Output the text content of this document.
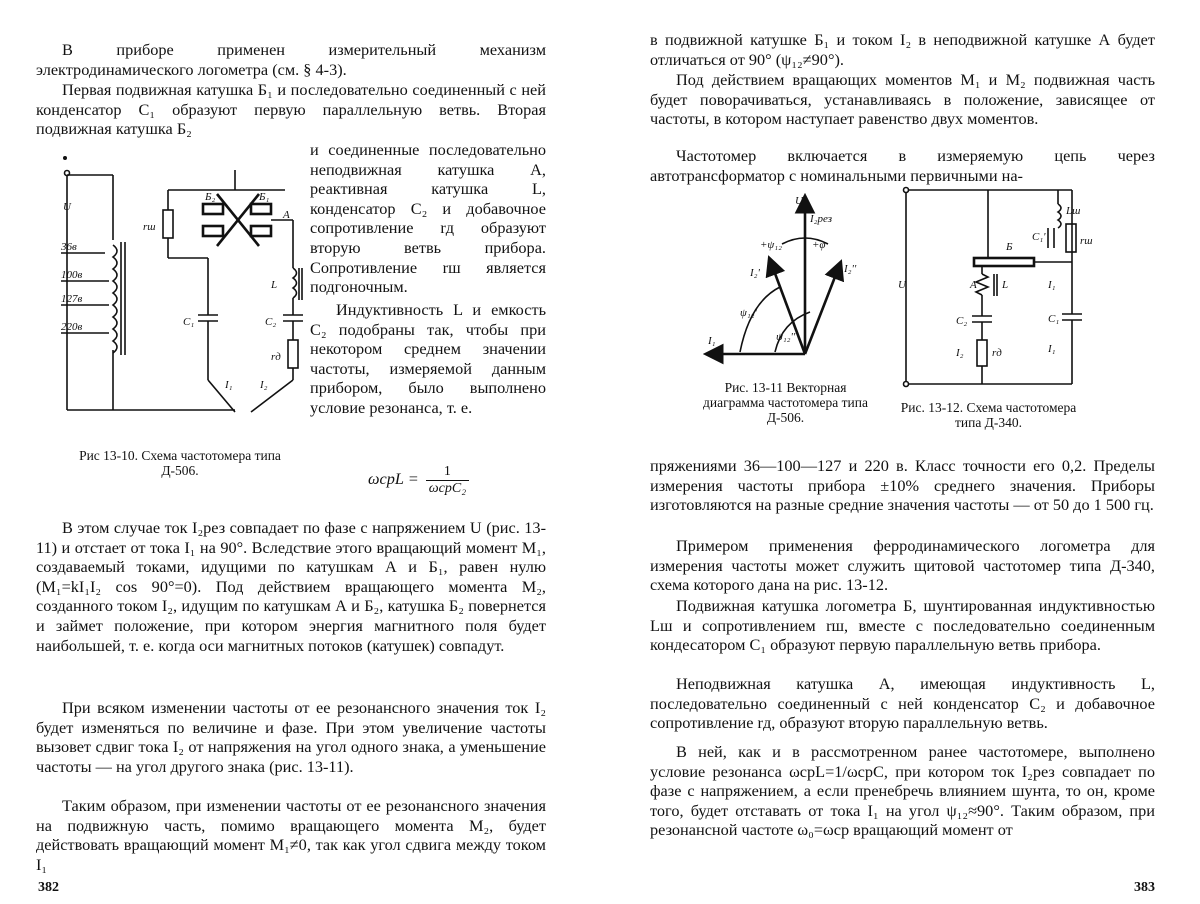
В приборе применен измерительный механизм электродинамического логометра (см. § 4-3).

Первая подвижная катушка Б₁ и последовательно соединенный с ней конденсатор C₁ образуют первую параллельную ветвь. Вторая подвижная катушка Б₂

U
36в
100в
127в
220в
rш
Б₂	Б₁
А
L
C₂
rд
C₁
I₁	I₂

и соединенные последовательно неподвижная катушка А, реактивная катушка L, конденсатор C₂ и добавочное сопротивление rд образуют вторую ветвь прибора. Сопротивление rш является подгоночным.

Индуктивность L и емкость C₂ подобраны так, чтобы при некотором среднем значении частоты, измеряемой данным прибором, было выполнено условие резонанса, т. е.

ωсрL =	1
ωсрC₂
Рис 13-10. Схема частотомера типа Д-506.

В этом случае ток I₂рез совпадает по фазе с напряжением U (рис. 13-11) и отстает от тока I₁ на 90°. Вследствие этого вращающий момент M₁, создаваемый токами, идущими по катушкам А и Б₁, равен нулю (M₁=kI₁I₂ cos 90°=0). Под действием вращающего момента M₂, созданного током I₂, идущим по катушкам А и Б₂, катушка Б₂ повернется и займет положение, при котором энергия магнитного поля будет наибольшей, т. е. когда оси магнитных потоков (катушек) совпадут.

При всяком изменении частоты от ее резонансного значения ток I₂ будет изменяться по величине и фазе. При этом увеличение частоты вызовет сдвиг тока I₂ от напряжения на угол одного знака, а уменьшение частоты — на угол другого знака (рис. 13-11).

Таким образом, при изменении частоты от ее резонансного значения на подвижную часть, помимо вращающего момента M₂, будет действовать вращающий момент M₁≠0, так как угол сдвига между током I₁

382

в подвижной катушке Б₁ и током I₂ в неподвижной катушке А будет отличаться от 90° (ψ₁₂≠90°).

Под действием вращающих моментов M₁ и M₂ подвижная часть будет поворачиваться, устанавливаясь в положение, зависящее от частоты, в котором наступает равенство двух моментов.

Частотомер включается в измеряемую цепь через автотрансформатор с номинальными первичными на-

U
I₂рез
I₂'	I₂''
I₁
+ψ₁₂	+φ
ψ₁₂'
ψ₁₂''
Рис. 13-11 Векторная диаграмма частотомера типа Д-506.
U
Б
Lш
rш
C₁'
C₁
I₁
I₁
А L
C₂
rд
I₂
Рис. 13-12. Схема частотомера типа Д-340.

пряжениями 36—100—127 и 220 в. Класс точности его 0,2. Пределы измерения частоты прибора ±10% среднего значения. Приборы изготовляются на разные средние значения частоты — от 50 до 1 500 гц.

Примером применения ферродинамического логометра для измерения частоты может служить щитовой частотомер типа Д-340, схема которого дана на рис. 13-12.

Подвижная катушка логометра Б, шунтированная индуктивностью Lш и сопротивлением rш, вместе с последовательно соединенным кондесатором C₁ образуют первую параллельную ветвь прибора.

Неподвижная катушка А, имеющая индуктивность L, последовательно соединенный с ней конденсатор C₂ и добавочное сопротивление rд, образуют вторую параллельную ветвь.

В ней, как и в рассмотренном ранее частотомере, выполнено условие резонанса ωсрL=1/ωсрC, при котором ток I₂рез совпадает по фазе с напряжением, а если пренебречь влиянием шунта, то он, кроме того, будет отставать от тока I₁ на угол ψ₁₂≈90°. Таким образом, при резонансной частоте ω₀=ωср вращающий момент от

383
